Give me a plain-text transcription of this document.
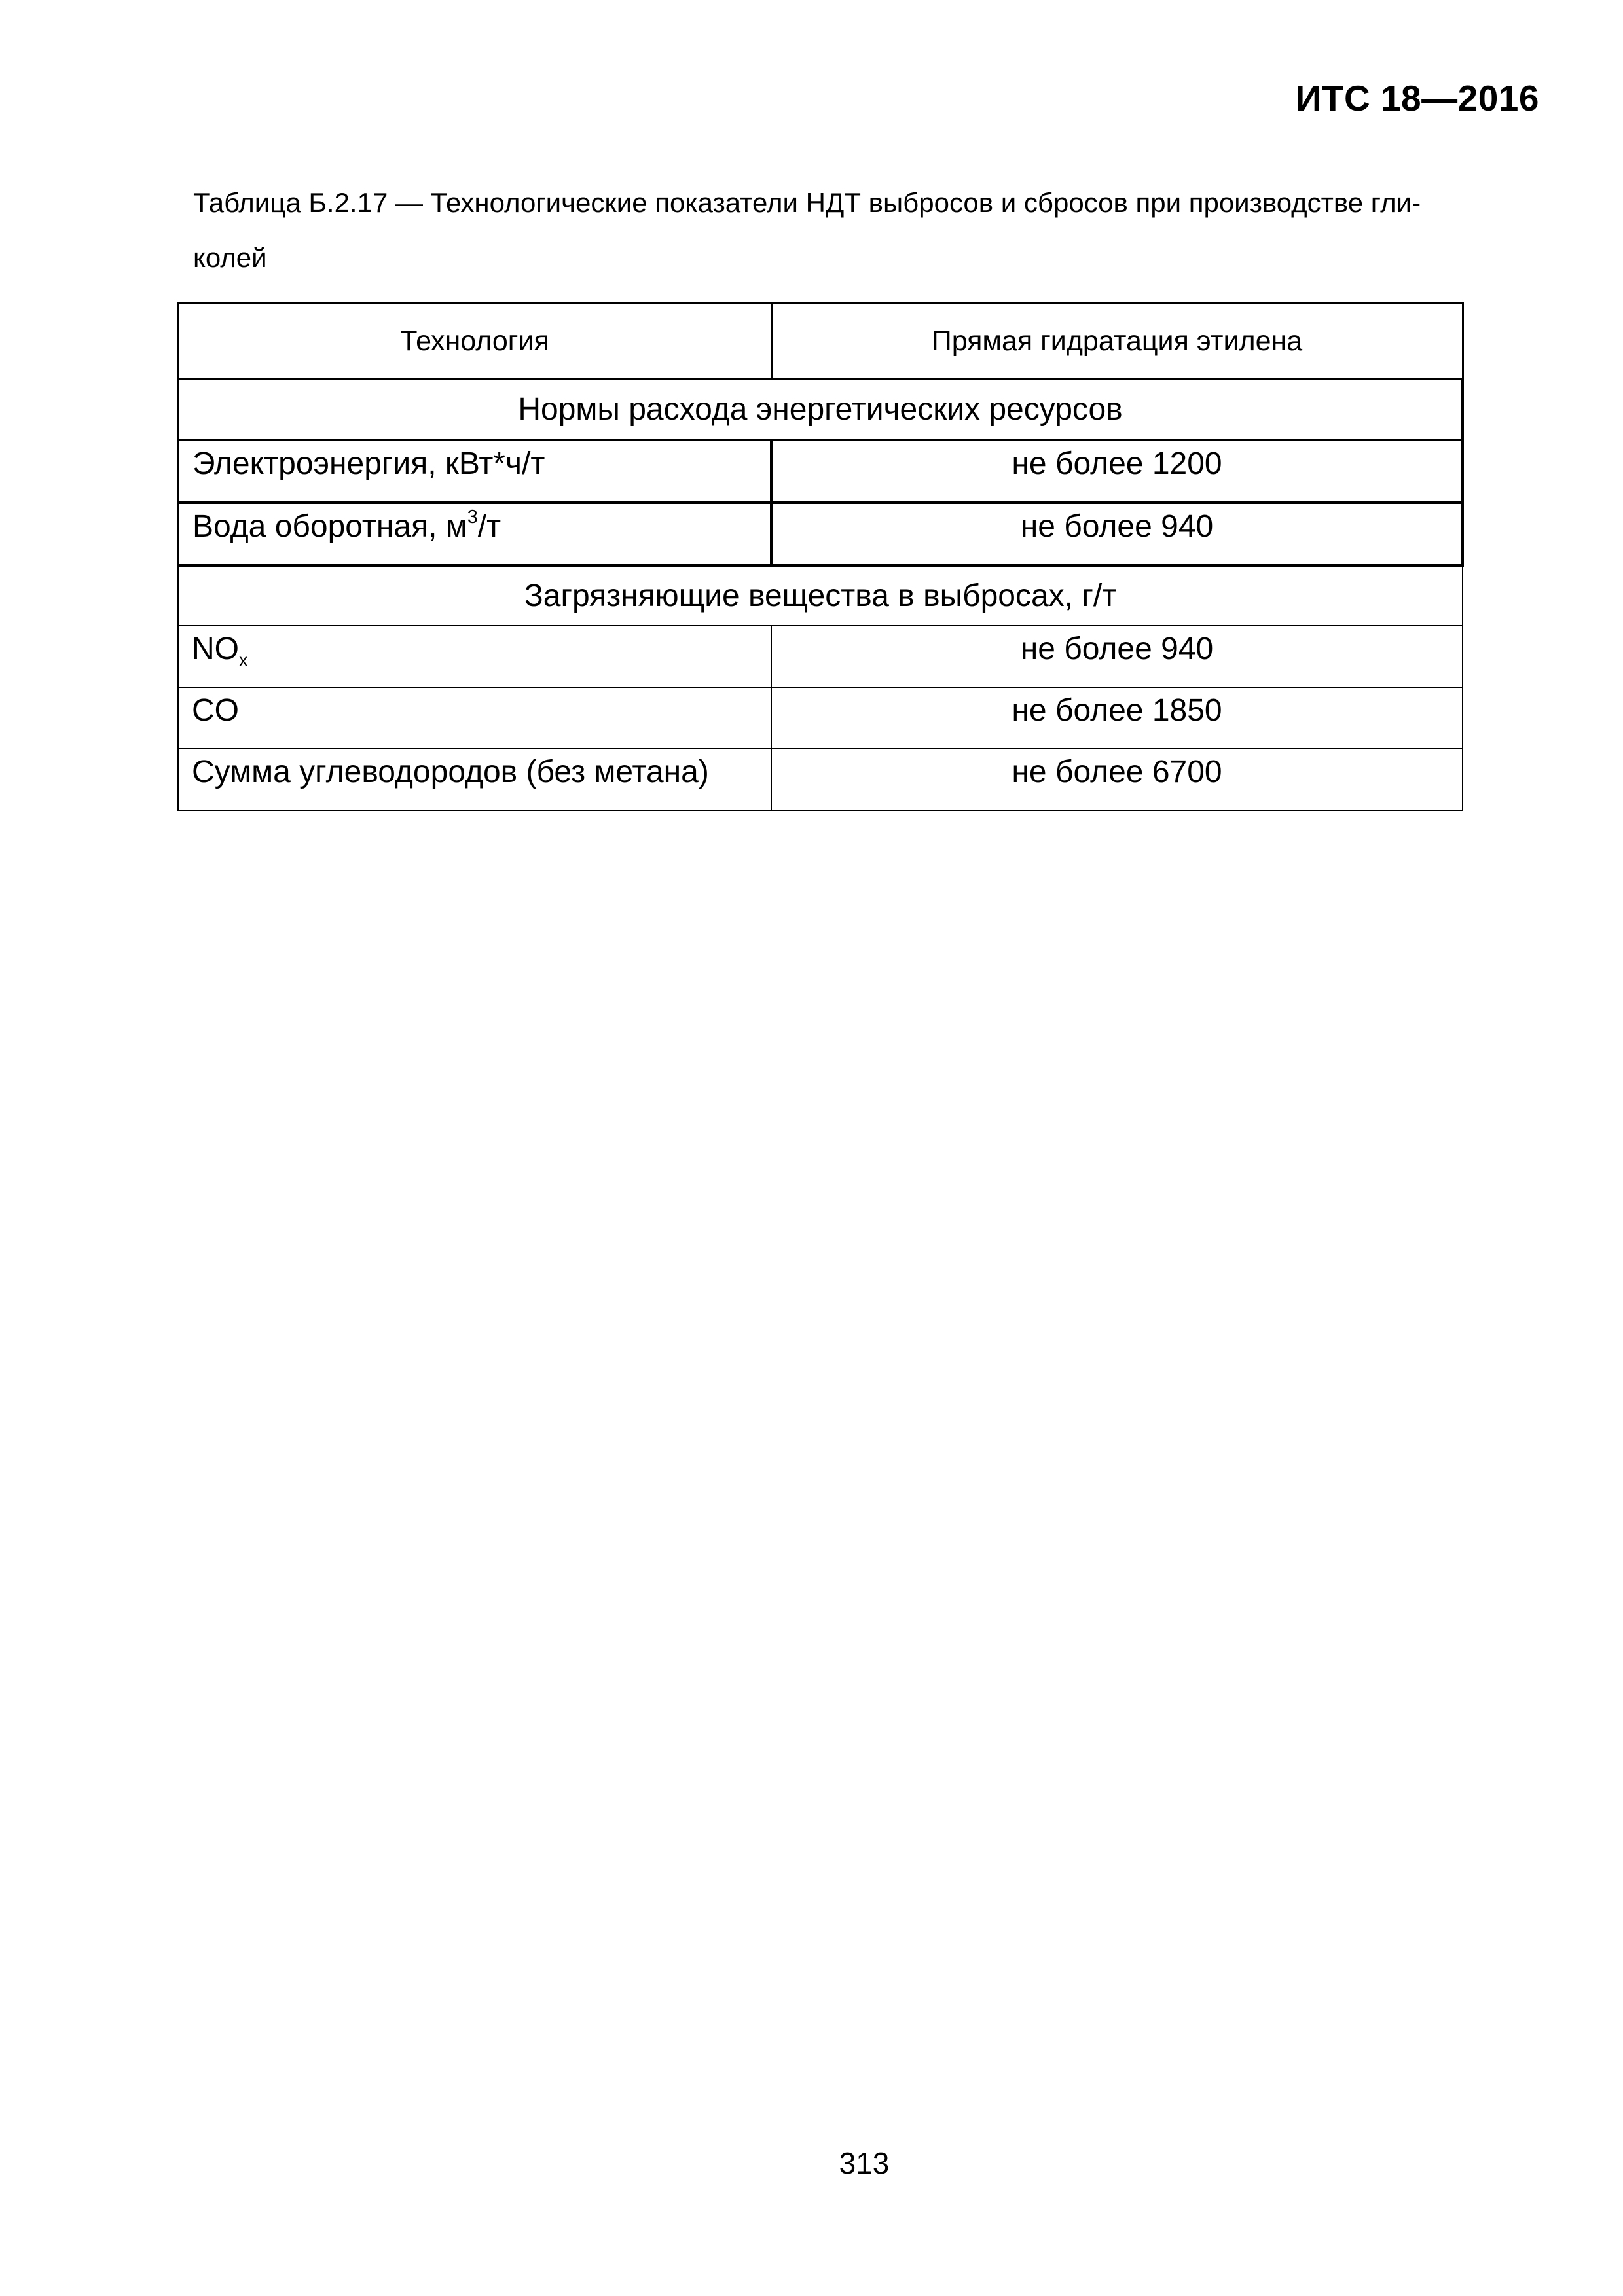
ИТС 18—2016
Таблица Б.2.17 — Технологические показатели НДТ выбросов и сбросов при производстве гли-
колей
Технология	Прямая гидратация этилена
Нормы расхода энергетических ресурсов	
Электроэнергия, кВт*ч/т	не более 1200
Вода оборотная, $м^3/т$	не более 940
Загрязняющие вещества в выбросах, г/т	
$NO_x$	не более 940
CO	не более 1850
Сумма углеводородов (без метана)	не более 6700
313
